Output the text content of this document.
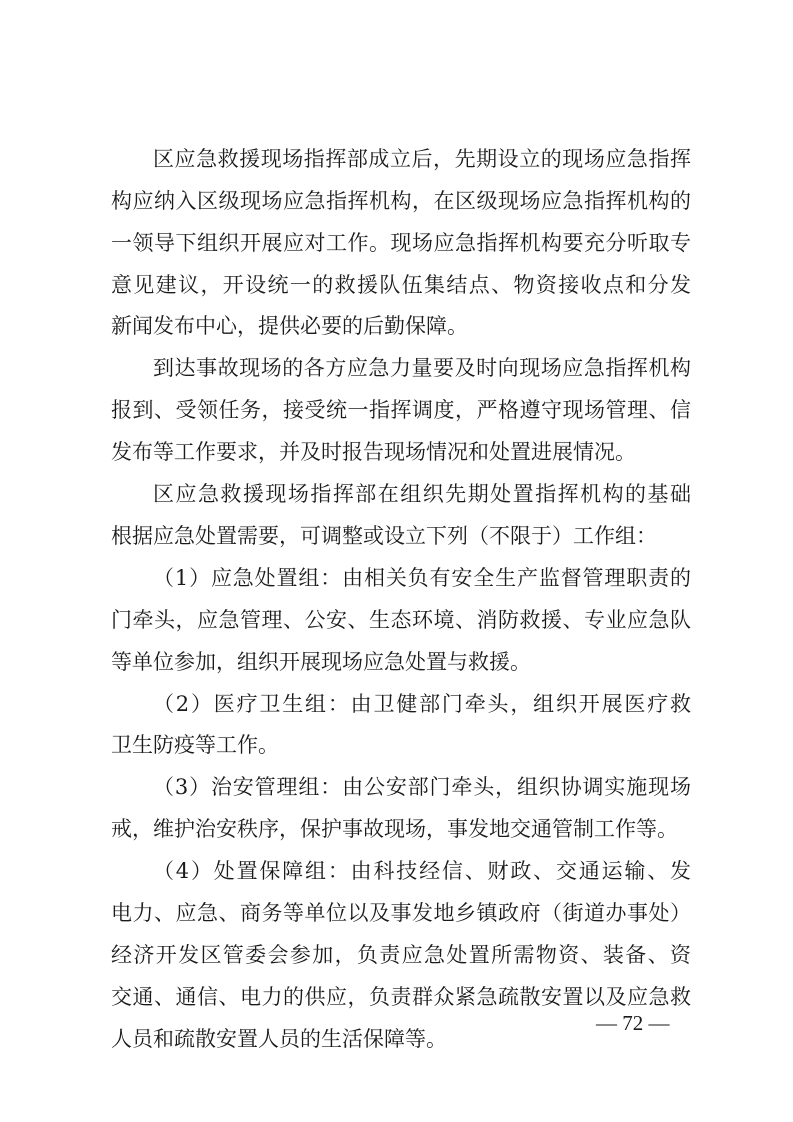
区应急救援现场指挥部成立后，先期设立的现场应急指挥
构应纳入区级现场应急指挥机构，在区级现场应急指挥机构的
一领导下组织开展应对工作。现场应急指挥机构要充分听取专
意见建议，开设统一的救援队伍集结点、物资接收点和分发
新闻发布中心，提供必要的后勤保障。
到达事故现场的各方应急力量要及时向现场应急指挥机构
报到、受领任务，接受统一指挥调度，严格遵守现场管理、信
发布等工作要求，并及时报告现场情况和处置进展情况。
区应急救援现场指挥部在组织先期处置指挥机构的基础
根据应急处置需要，可调整或设立下列（不限于）工作组：
（1）应急处置组：由相关负有安全生产监督管理职责的
门牵头，应急管理、公安、生态环境、消防救援、专业应急队
等单位参加，组织开展现场应急处置与救援。
（2）医疗卫生组：由卫健部门牵头，组织开展医疗救
卫生防疫等工作。
（3）治安管理组：由公安部门牵头，组织协调实施现场
戒，维护治安秩序，保护事故现场，事发地交通管制工作等。
（4）处置保障组：由科技经信、财政、交通运输、发
电力、应急、商务等单位以及事发地乡镇政府（街道办事处）
经济开发区管委会参加，负责应急处置所需物资、装备、资
交通、通信、电力的供应，负责群众紧急疏散安置以及应急救
人员和疏散安置人员的生活保障等。
— 72 —
